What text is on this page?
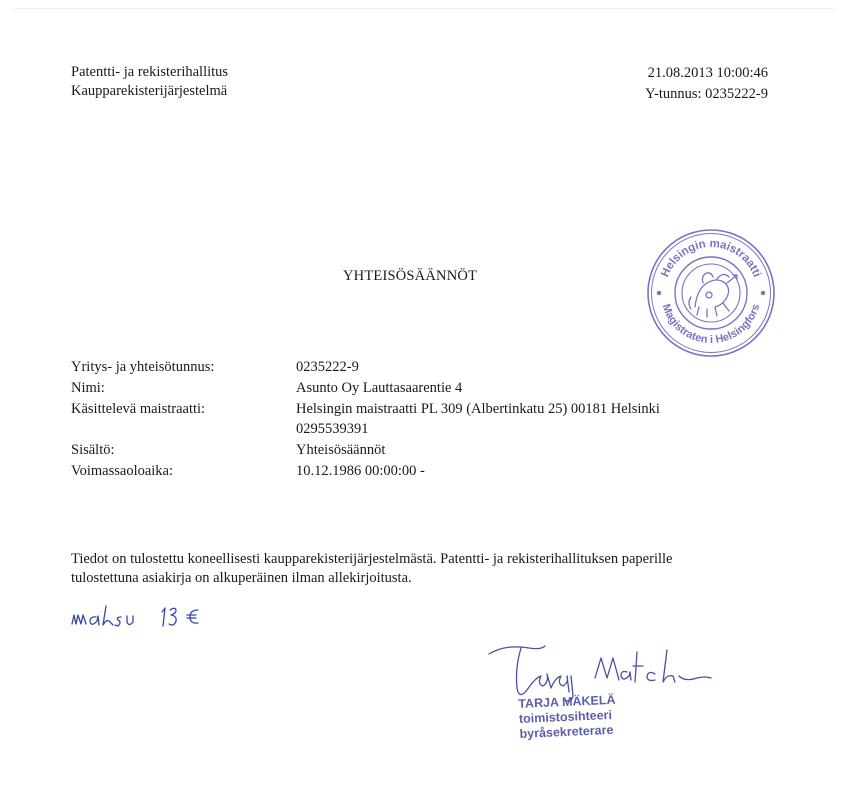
Patentti- ja rekisterihallitus
Kaupparekisterijärjestelmä
21.08.2013 10:00:46
Y-tunnus: 0235222-9
Helsingin maistraatti
Magistraten i Helsingfors
YHTEISÖSÄÄNNÖT
Yritys- ja yhteisötunnus:	0235222-9
Nimi:	Asunto Oy Lauttasaarentie 4
Käsittelevä maistraatti:	Helsingin maistraatti PL 309 (Albertinkatu 25) 00181 Helsinki
0295539391
Sisältö:	Yhteisösäännöt
Voimassaoloaika:	10.12.1986 00:00:00 -
Tiedot on tulostettu koneellisesti kaupparekisterijärjestelmästä. Patentti- ja rekisterihallituksen paperille
tulostettuna asiakirja on alkuperäinen ilman allekirjoitusta.
TARJA MÄKELÄ
toimistosihteeri
byråsekreterare
